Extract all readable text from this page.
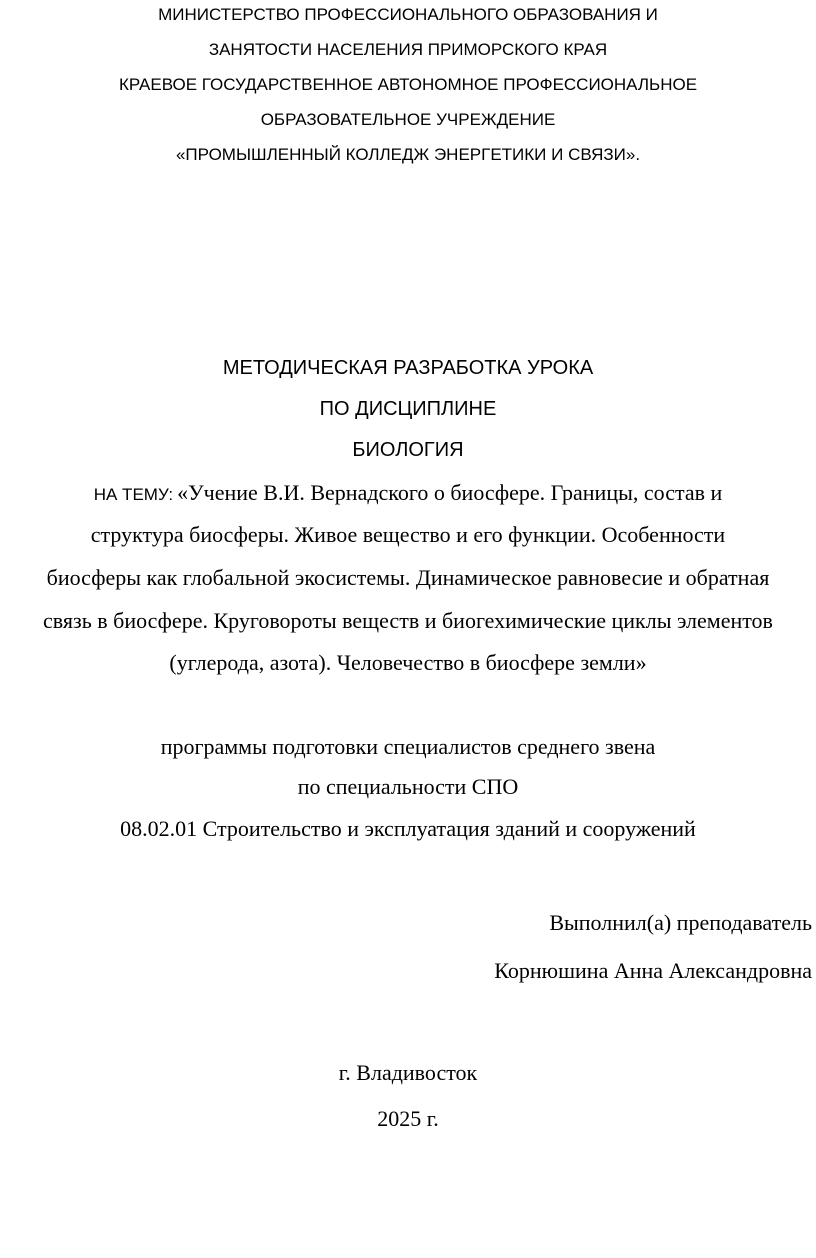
МИНИСТЕРСТВО ПРОФЕССИОНАЛЬНОГО ОБРАЗОВАНИЯ И
ЗАНЯТОСТИ НАСЕЛЕНИЯ ПРИМОРСКОГО КРАЯ
КРАЕВОЕ ГОСУДАРСТВЕННОЕ АВТОНОМНОЕ ПРОФЕССИОНАЛЬНОЕ
ОБРАЗОВАТЕЛЬНОЕ УЧРЕЖДЕНИЕ
«ПРОМЫШЛЕННЫЙ КОЛЛЕДЖ ЭНЕРГЕТИКИ И СВЯЗИ».
МЕТОДИЧЕСКАЯ РАЗРАБОТКА УРОКА
ПО ДИСЦИПЛИНЕ
БИОЛОГИЯ
НА ТЕМУ: «Учение В.И. Вернадского о биосфере. Границы, состав и
структура биосферы. Живое вещество и его функции. Особенности
биосферы как глобальной экосистемы. Динамическое равновесие и обратная
связь в биосфере. Круговороты веществ и биогехимические циклы элементов
(углерода, азота). Человечество в биосфере земли»
программы подготовки специалистов среднего звена
по специальности СПО
08.02.01 Строительство и эксплуатация зданий и сооружений
Выполнил(а) преподаватель
Корнюшина Анна Александровна
г. Владивосток
2025 г.
